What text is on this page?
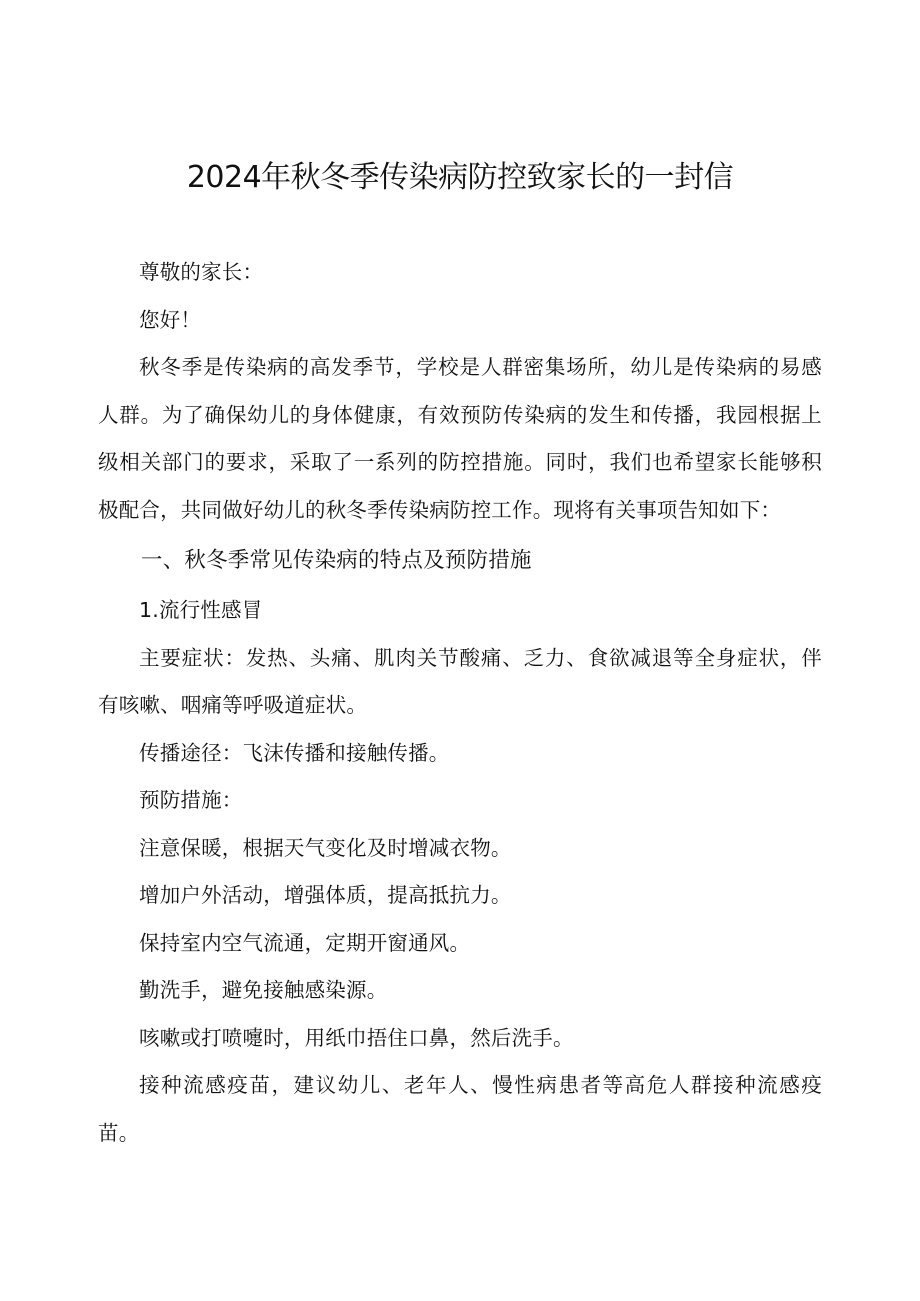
2024年秋冬季传染病防控致家长的一封信

尊敬的家长：

您好！

秋冬季是传染病的高发季节，学校是人群密集场所，幼儿是传染病的易感人群。为了确保幼儿的身体健康，有效预防传染病的发生和传播，我园根据上级相关部门的要求，采取了一系列的防控措施。同时，我们也希望家长能够积极配合，共同做好幼儿的秋冬季传染病防控工作。现将有关事项告知如下：

一、秋冬季常见传染病的特点及预防措施

1.流行性感冒

主要症状：发热、头痛、肌肉关节酸痛、乏力、食欲减退等全身症状，伴有咳嗽、咽痛等呼吸道症状。

传播途径：飞沫传播和接触传播。

预防措施：

注意保暖，根据天气变化及时增减衣物。

增加户外活动，增强体质，提高抵抗力。

保持室内空气流通，定期开窗通风。

勤洗手，避免接触感染源。

咳嗽或打喷嚏时，用纸巾捂住口鼻，然后洗手。

接种流感疫苗，建议幼儿、老年人、慢性病患者等高危人群接种流感疫苗。
